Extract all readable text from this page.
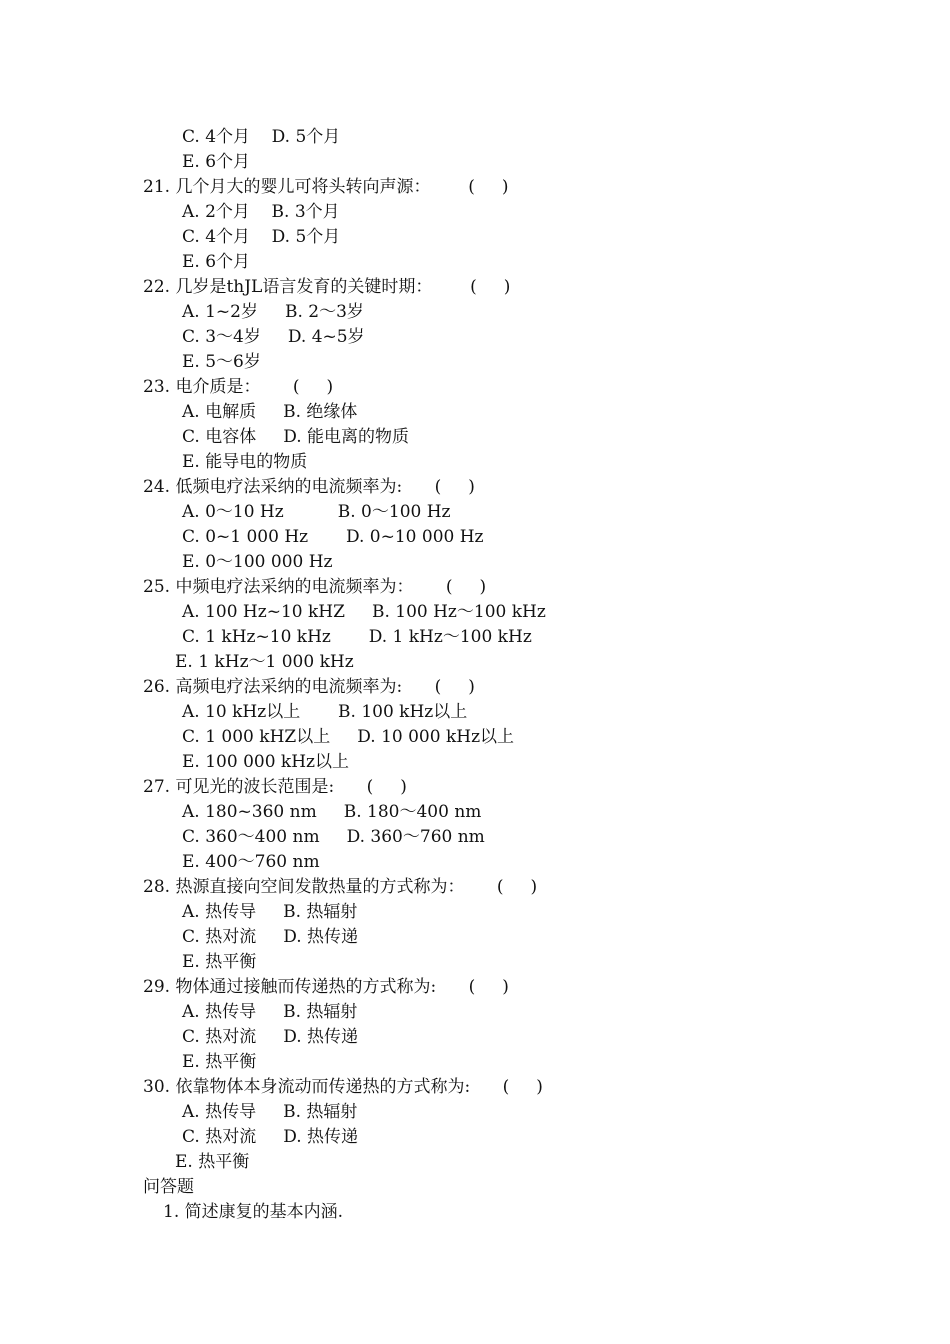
C. 4个月    D. 5个月
E. 6个月
21. 几个月大的婴儿可将头转向声源：       (     )
A. 2个月    B. 3个月
C. 4个月    D. 5个月
E. 6个月
22. 几岁是thJL语言发育的关键时期：       (     )
A. 1~2岁     B. 2～3岁
C. 3～4岁     D. 4~5岁
E. 5～6岁
23. 电介质是：      (     )
A. 电解质     B. 绝缘体
C. 电容体     D. 能电离的物质
E. 能导电的物质
24. 低频电疗法采纳的电流频率为:      (     )
A. 0～10 Hz          B. 0～100 Hz
C. 0~1 000 Hz       D. 0~10 000 Hz
E. 0～100 000 Hz
25. 中频电疗法采纳的电流频率为：      (     )
A. 100 Hz~10 kHZ     B. 100 Hz～100 kHz
C. 1 kHz~10 kHz       D. 1 kHz～100 kHz
E. 1 kHz～1 000 kHz
26. 高频电疗法采纳的电流频率为:      (     )
A. 10 kHz以上       B. 100 kHz以上
C. 1 000 kHZ以上     D. 10 000 kHz以上
E. 100 000 kHz以上
27. 可见光的波长范围是:      (     )
A. 180~360 nm     B. 180～400 nm
C. 360～400 nm     D. 360～760 nm
E. 400～760 nm
28. 热源直接向空间发散热量的方式称为：      (     )
A. 热传导     B. 热辐射
C. 热对流     D. 热传递
E. 热平衡
29. 物体通过接触而传递热的方式称为:      (     )
A. 热传导     B. 热辐射
C. 热对流     D. 热传递
E. 热平衡
30. 依靠物体本身流动而传递热的方式称为:      (     )
A. 热传导     B. 热辐射
C. 热对流     D. 热传递
E. 热平衡
问答题
1. 简述康复的基本内涵.
